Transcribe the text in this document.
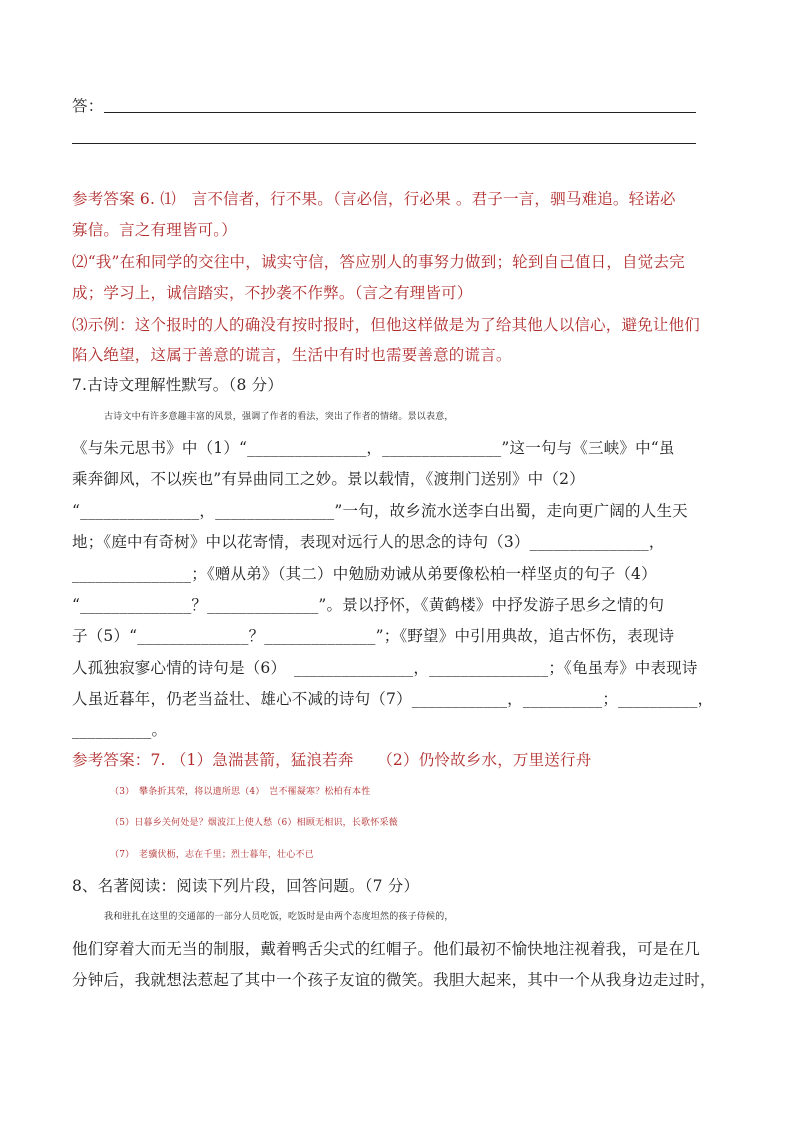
答：
参考答案 6. ⑴　言不信者，行不果。（言必信，行必果 。君子一言，驷马难追。轻诺必
寡信。言之有理皆可。）
⑵“我”在和同学的交往中，诚实守信，答应别人的事努力做到；轮到自己值日，自觉去完
成；学习上，诚信踏实，不抄袭不作弊。（言之有理皆可）
⑶示例：这个报时的人的确没有按时报时，但他这样做是为了给其他人以信心，避免让他们
陷入绝望，这属于善意的谎言，生活中有时也需要善意的谎言。
7.古诗文理解性默写。（8 分）
古诗文中有许多意趣丰富的风景，强调了作者的看法，突出了作者的情绪。景以表意，
《与朱元思书》中（1）“_______________，_______________”这一句与《三峡》中“虽
乘奔御风，不以疾也”有异曲同工之妙。景以载情，《渡荆门送别》中（2）
“_______________，_______________”一句，故乡流水送李白出蜀，走向更广阔的人生天
地；《庭中有奇树》中以花寄情，表现对远行人的思念的诗句（3）_______________，
_______________；《赠从弟》（其二）中勉励劝诫从弟要像松柏一样坚贞的句子（4）
“______________？______________”。景以抒怀，《黄鹤楼》中抒发游子思乡之情的句
子（5）“______________？______________”；《野望》中引用典故，追古怀伤，表现诗
人孤独寂寥心情的诗句是（6）　_______________，_______________；《龟虽寿》中表现诗
人虽近暮年，仍老当益壮、雄心不减的诗句（7）____________，__________；__________，
__________。
参考答案：7. （1）急湍甚箭，猛浪若奔　　（2）仍怜故乡水，万里送行舟
（3）　攀条折其荣，将以遗所思（4）　岂不罹凝寒？松柏有本性
（5）日暮乡关何处是？烟波江上使人愁（6）相顾无相识，长歌怀采薇
（7）　老骥伏枥，志在千里；烈士暮年，壮心不已
8、名著阅读：阅读下列片段，回答问题。（7 分）
我和驻扎在这里的交通部的一部分人员吃饭，吃饭时是由两个态度坦然的孩子侍候的，
他们穿着大而无当的制服，戴着鸭舌尖式的红帽子。他们最初不愉快地注视着我，可是在几
分钟后，我就想法惹起了其中一个孩子友谊的微笑。我胆大起来，其中一个从我身边走过时，
